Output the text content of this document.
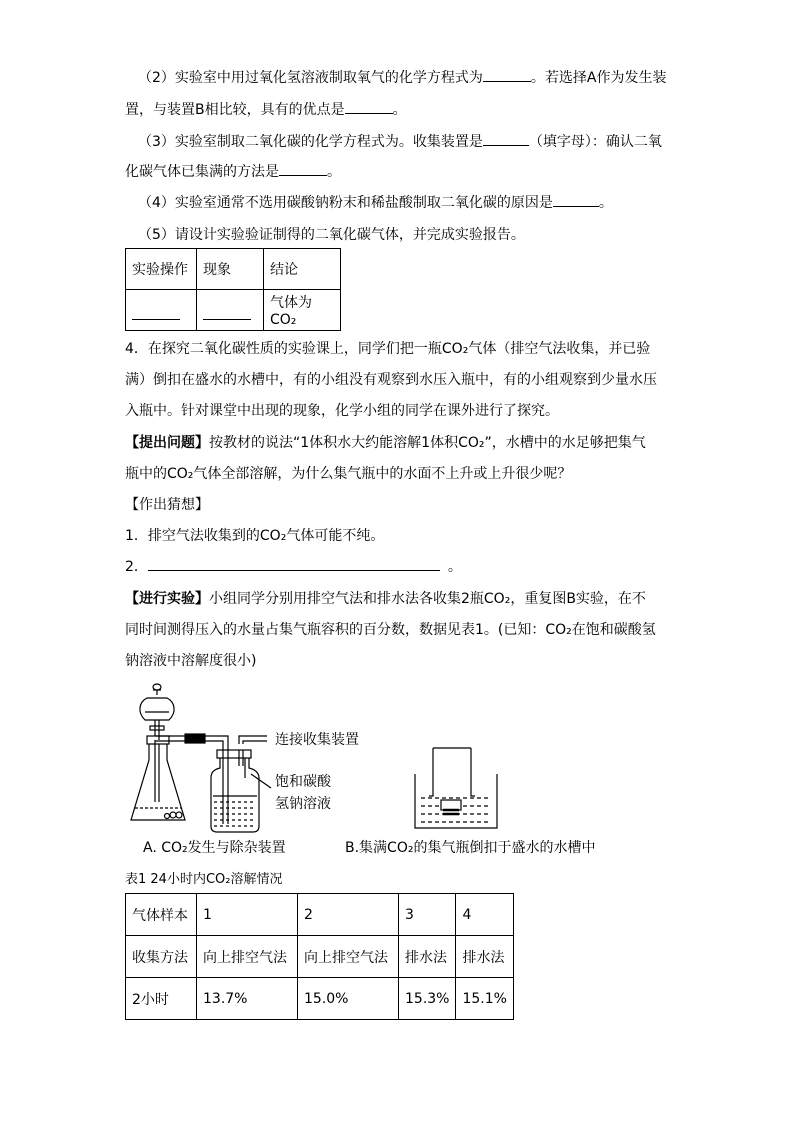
（2）实验室中用过氧化氢溶液制取氧气的化学方程式为	。若选择A作为发生装
置，与装置B相比较，具有的优点是	。
（3）实验室制取二氧化碳的化学方程式为。收集装置是	（填字母）：确认二氧
化碳气体已集满的方法是	。
（4）实验室通常不选用碳酸钠粉末和稀盐酸制取二氧化碳的原因是	。
（5）请设计实验验证制得的二氧化碳气体，并完成实验报告。
实验操作	现象	结论
		气体为CO₂
4．在探究二氧化碳性质的实验课上，同学们把一瓶CO₂气体（排空气法收集，并已验
满）倒扣在盛水的水槽中，有的小组没有观察到水压入瓶中，有的小组观察到少量水压
入瓶中。针对课堂中出现的现象，化学小组的同学在课外进行了探究。
【提出问题】按教材的说法“1体积水大约能溶解1体积CO₂”，水槽中的水足够把集气
瓶中的CO₂气体全部溶解，为什么集气瓶中的水面不上升或上升很少呢？
【作出猜想】
1．排空气法收集到的CO₂气体可能不纯。
2．	。
【进行实验】小组同学分别用排空气法和排水法各收集2瓶CO₂，重复图B实验，在不
同时间测得压入的水量占集气瓶容积的百分数，数据见表1。(已知：CO₂在饱和碳酸氢
钠溶液中溶解度很小)
连接收集装置
饱和碳酸
氢钠溶液
A. CO₂发生与除杂装置	B.集满CO₂的集气瓶倒扣于盛水的水槽中
表1 24小时内CO₂溶解情况
气体样本	1	2	3	4
收集方法	向上排空气法	向上排空气法	排水法	排水法
2小时	13.7%	15.0%	15.3%	15.1%
